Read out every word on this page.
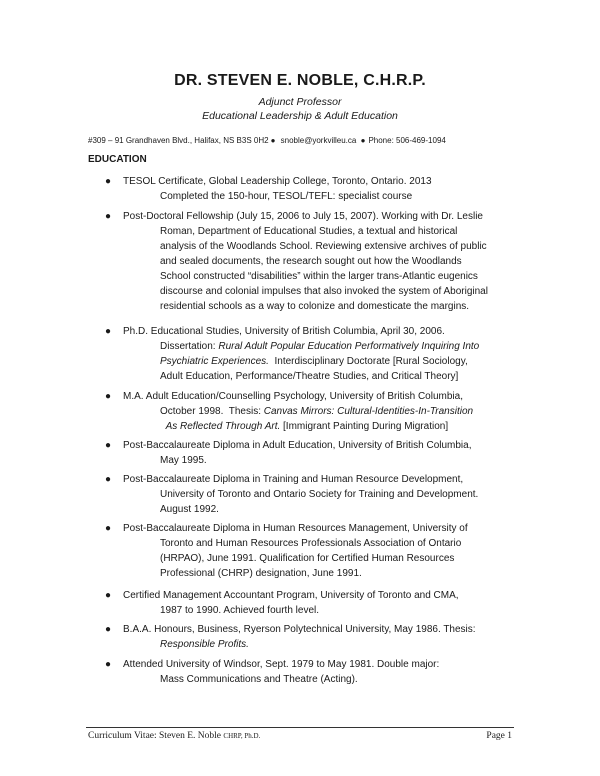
DR. STEVEN E. NOBLE, C.H.R.P.
Adjunct Professor
Educational Leadership & Adult Education
#309 – 91 Grandhaven Blvd., Halifax, NS B3S 0H2 ● snoble@yorkvilleu.ca ● Phone: 506-469-1094
EDUCATION
● TESOL Certificate, Global Leadership College, Toronto, Ontario. 2013
Completed the 150-hour, TESOL/TEFL: specialist course
● Post-Doctoral Fellowship (July 15, 2006 to July 15, 2007). Working with Dr. Leslie
Roman, Department of Educational Studies, a textual and historical
analysis of the Woodlands School. Reviewing extensive archives of public
and sealed documents, the research sought out how the Woodlands
School constructed “disabilities” within the larger trans-Atlantic eugenics
discourse and colonial impulses that also invoked the system of Aboriginal
residential schools as a way to colonize and domesticate the margins.
● Ph.D. Educational Studies, University of British Columbia, April 30, 2006.
Dissertation: Rural Adult Popular Education Performatively Inquiring Into
Psychiatric Experiences.  Interdisciplinary Doctorate [Rural Sociology,
Adult Education, Performance/Theatre Studies, and Critical Theory]
● M.A. Adult Education/Counselling Psychology, University of British Columbia,
October 1998.  Thesis: Canvas Mirrors: Cultural-Identities-In-Transition
As Reflected Through Art. [Immigrant Painting During Migration]
● Post-Baccalaureate Diploma in Adult Education, University of British Columbia,
May 1995.
● Post-Baccalaureate Diploma in Training and Human Resource Development,
University of Toronto and Ontario Society for Training and Development.
August 1992.
● Post-Baccalaureate Diploma in Human Resources Management, University of
Toronto and Human Resources Professionals Association of Ontario
(HRPAO), June 1991. Qualification for Certified Human Resources
Professional (CHRP) designation, June 1991.
● Certified Management Accountant Program, University of Toronto and CMA,
1987 to 1990. Achieved fourth level.
● B.A.A. Honours, Business, Ryerson Polytechnical University, May 1986. Thesis:
Responsible Profits.
● Attended University of Windsor, Sept. 1979 to May 1981. Double major:
Mass Communications and Theatre (Acting).
Curriculum Vitae: Steven E. Noble CHRP, Ph.D.	Page 1
